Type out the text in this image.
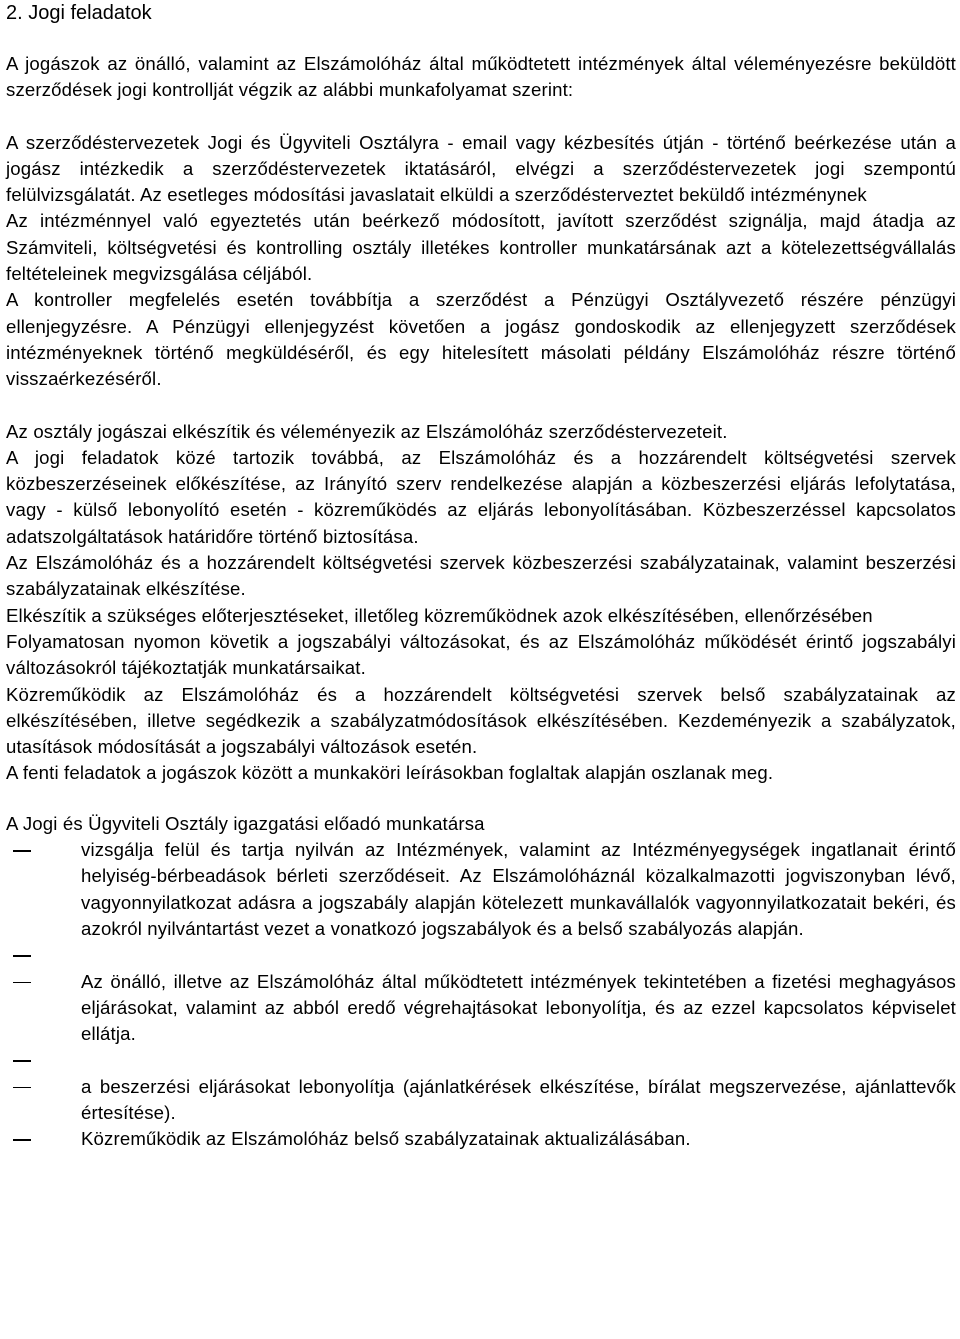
2. Jogi feladatok

A jogászok az önálló, valamint az Elszámolóház által működtetett intézmények által véleményezésre beküldött szerződések jogi kontrollját végzik az alábbi munkafolyamat szerint:

A szerződéstervezetek Jogi és Ügyviteli Osztályra - email vagy kézbesítés útján - történő beérkezése után a jogász intézkedik a szerződéstervezetek iktatásáról, elvégzi a szerződéstervezetek jogi szempontú felülvizsgálatát. Az esetleges módosítási javaslatait elküldi a szerződésterveztet beküldő intézménynek

Az intézménnyel való egyeztetés után beérkező módosított, javított szerződést szignálja, majd átadja az Számviteli, költségvetési és kontrolling osztály illetékes kontroller munkatársának azt a kötelezettségvállalás feltételeinek megvizsgálása céljából.

A kontroller megfelelés esetén továbbítja a szerződést a Pénzügyi Osztályvezető részére pénzügyi ellenjegyzésre. A Pénzügyi ellenjegyzést követően a jogász gondoskodik az ellenjegyzett szerződések intézményeknek történő megküldéséről, és egy hitelesített másolati példány Elszámolóház részre történő visszaérkezéséről.

Az osztály jogászai elkészítik és véleményezik az Elszámolóház szerződéstervezeteit.

A jogi feladatok közé tartozik továbbá, az Elszámolóház és a hozzárendelt költségvetési szervek közbeszerzéseinek előkészítése, az Irányító szerv rendelkezése alapján a közbeszerzési eljárás lefolytatása, vagy - külső lebonyolító esetén - közreműködés az eljárás lebonyolításában. Közbeszerzéssel kapcsolatos adatszolgáltatások határidőre történő biztosítása.

Az Elszámolóház és a hozzárendelt költségvetési szervek közbeszerzési szabályzatainak, valamint beszerzési szabályzatainak elkészítése.

Elkészítik a szükséges előterjesztéseket, illetőleg közreműködnek azok elkészítésében, ellenőrzésében

Folyamatosan nyomon követik a jogszabályi változásokat, és az Elszámolóház működését érintő jogszabályi változásokról tájékoztatják munkatársaikat.

Közreműködik az Elszámolóház és a hozzárendelt költségvetési szervek belső szabályzatainak az elkészítésében, illetve segédkezik a szabályzatmódosítások elkészítésében. Kezdeményezik a szabályzatok, utasítások módosítását a jogszabályi változások esetén.

A fenti feladatok a jogászok között a munkaköri leírásokban foglaltak alapján oszlanak meg.

A Jogi és Ügyviteli Osztály igazgatási előadó munkatársa

vizsgálja felül és tartja nyilván az Intézmények, valamint az Intézményegységek ingatlanait érintő helyiség-bérbeadások bérleti szerződéseit. Az Elszámolóháznál közalkalmazotti jogviszonyban lévő, vagyonnyilatkozat adásra a jogszabály alapján kötelezett munkavállalók vagyonnyilatkozatait bekéri, és azokról nyilvántartást vezet a vonatkozó jogszabályok és a belső szabályozás alapján.
Az önálló, illetve az Elszámolóház által működtetett intézmények tekintetében a fizetési meghagyásos eljárásokat, valamint az abból eredő végrehajtásokat lebonyolítja, és az ezzel kapcsolatos képviselet ellátja.
a beszerzési eljárásokat lebonyolítja (ajánlatkérések elkészítése, bírálat megszervezése, ajánlattevők értesítése).
Közreműködik az Elszámolóház belső szabályzatainak aktualizálásában.
